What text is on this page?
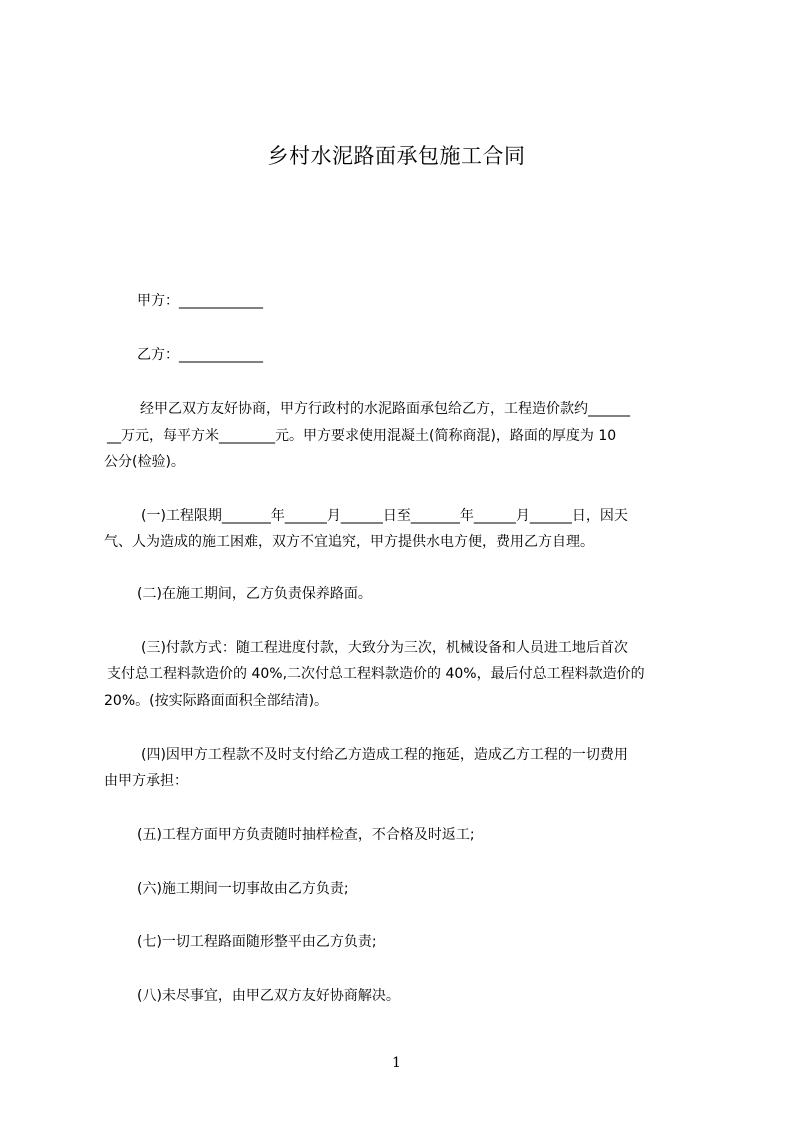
乡村水泥路面承包施工合同
甲方：____________
乙方：____________
经甲乙双方友好协商，甲方行政村的水泥路面承包给乙方，工程造价款约______
__万元，每平方米________元。甲方要求使用混凝土(简称商混)，路面的厚度为 10
公分(检验)。
(一)工程限期_______年______月______日至_______年______月______日，因天
气、人为造成的施工困难，双方不宜追究，甲方提供水电方便，费用乙方自理。
(二)在施工期间，乙方负责保养路面。
(三)付款方式：随工程进度付款，大致分为三次，机械设备和人员进工地后首次
支付总工程料款造价的 40%,二次付总工程料款造价的 40%，最后付总工程料款造价的
20%。(按实际路面面积全部结清)。
(四)因甲方工程款不及时支付给乙方造成工程的拖延，造成乙方工程的一切费用
由甲方承担：
(五)工程方面甲方负责随时抽样检查，不合格及时返工;
(六)施工期间一切事故由乙方负责;
(七)一切工程路面随形整平由乙方负责;
(八)未尽事宜，由甲乙双方友好协商解决。
1
